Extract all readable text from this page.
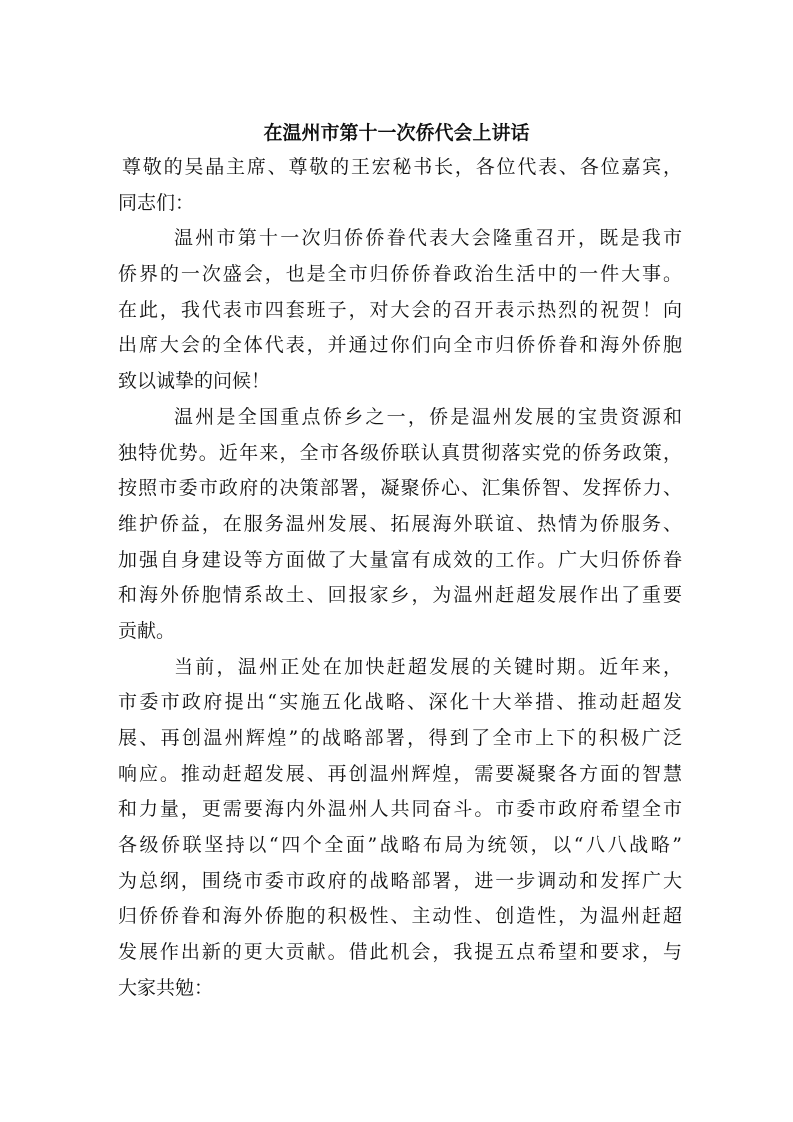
在温州市第十一次侨代会上讲话
尊敬的吴晶主席、尊敬的王宏秘书长，各位代表、各位嘉宾，
同志们：
温州市第十一次归侨侨眷代表大会隆重召开，既是我市
侨界的一次盛会，也是全市归侨侨眷政治生活中的一件大事。
在此，我代表市四套班子，对大会的召开表示热烈的祝贺！向
出席大会的全体代表，并通过你们向全市归侨侨眷和海外侨胞
致以诚挚的问候！
温州是全国重点侨乡之一，侨是温州发展的宝贵资源和
独特优势。近年来，全市各级侨联认真贯彻落实党的侨务政策，
按照市委市政府的决策部署，凝聚侨心、汇集侨智、发挥侨力、
维护侨益，在服务温州发展、拓展海外联谊、热情为侨服务、
加强自身建设等方面做了大量富有成效的工作。广大归侨侨眷
和海外侨胞情系故土、回报家乡，为温州赶超发展作出了重要
贡献。
当前，温州正处在加快赶超发展的关键时期。近年来，
市委市政府提出“实施五化战略、深化十大举措、推动赶超发
展、再创温州辉煌”的战略部署，得到了全市上下的积极广泛
响应。推动赶超发展、再创温州辉煌，需要凝聚各方面的智慧
和力量，更需要海内外温州人共同奋斗。市委市政府希望全市
各级侨联坚持以“四个全面”战略布局为统领，以“八八战略”
为总纲，围绕市委市政府的战略部署，进一步调动和发挥广大
归侨侨眷和海外侨胞的积极性、主动性、创造性，为温州赶超
发展作出新的更大贡献。借此机会，我提五点希望和要求，与
大家共勉：
